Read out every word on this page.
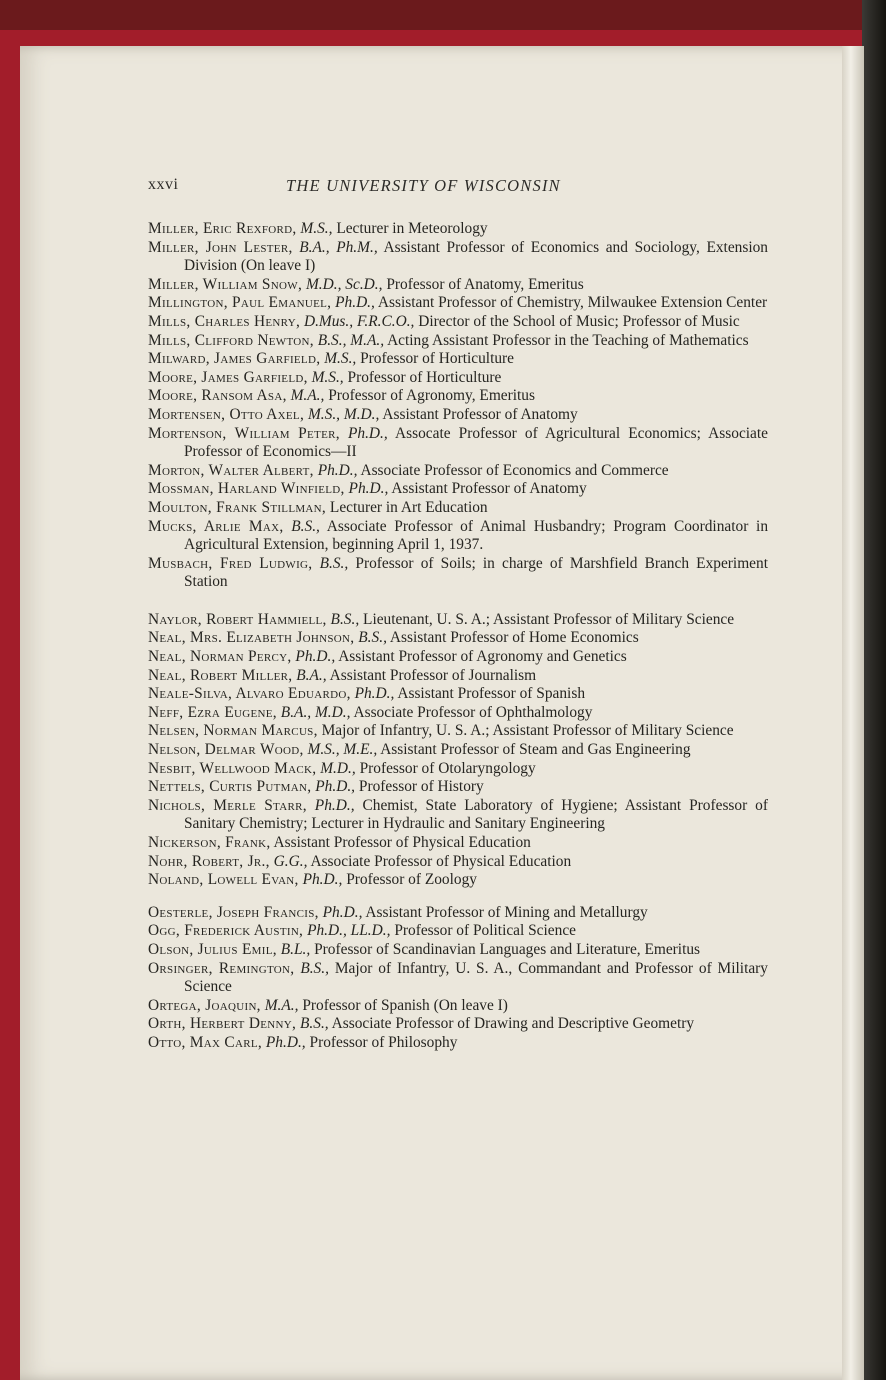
xxvi	THE UNIVERSITY OF WISCONSIN
Miller, Eric Rexford, M.S., Lecturer in Meteorology
Miller, John Lester, B.A., Ph.M., Assistant Professor of Economics and Sociology, Extension Division (On leave I)
Miller, William Snow, M.D., Sc.D., Professor of Anatomy, Emeritus
Millington, Paul Emanuel, Ph.D., Assistant Professor of Chemistry, Milwaukee Extension Center
Mills, Charles Henry, D.Mus., F.R.C.O., Director of the School of Music; Professor of Music
Mills, Clifford Newton, B.S., M.A., Acting Assistant Professor in the Teaching of Mathematics
Milward, James Garfield, M.S., Professor of Horticulture
Moore, James Garfield, M.S., Professor of Horticulture
Moore, Ransom Asa, M.A., Professor of Agronomy, Emeritus
Mortensen, Otto Axel, M.S., M.D., Assistant Professor of Anatomy
Mortenson, William Peter, Ph.D., Assocate Professor of Agricultural Economics; Associate Professor of Economics—II
Morton, Walter Albert, Ph.D., Associate Professor of Economics and Commerce
Mossman, Harland Winfield, Ph.D., Assistant Professor of Anatomy
Moulton, Frank Stillman, Lecturer in Art Education
Mucks, Arlie Max, B.S., Associate Professor of Animal Husbandry; Program Coordinator in Agricultural Extension, beginning April 1, 1937.
Musbach, Fred Ludwig, B.S., Professor of Soils; in charge of Marshfield Branch Experiment Station
Naylor, Robert Hammiell, B.S., Lieutenant, U. S. A.; Assistant Professor of Military Science
Neal, Mrs. Elizabeth Johnson, B.S., Assistant Professor of Home Economics
Neal, Norman Percy, Ph.D., Assistant Professor of Agronomy and Genetics
Neal, Robert Miller, B.A., Assistant Professor of Journalism
Neale-Silva, Alvaro Eduardo, Ph.D., Assistant Professor of Spanish
Neff, Ezra Eugene, B.A., M.D., Associate Professor of Ophthalmology
Nelsen, Norman Marcus, Major of Infantry, U. S. A.; Assistant Professor of Military Science
Nelson, Delmar Wood, M.S., M.E., Assistant Professor of Steam and Gas Engineering
Nesbit, Wellwood Mack, M.D., Professor of Otolaryngology
Nettels, Curtis Putman, Ph.D., Professor of History
Nichols, Merle Starr, Ph.D., Chemist, State Laboratory of Hygiene; Assistant Professor of Sanitary Chemistry; Lecturer in Hydraulic and Sanitary Engineering
Nickerson, Frank, Assistant Professor of Physical Education
Nohr, Robert, Jr., G.G., Associate Professor of Physical Education
Noland, Lowell Evan, Ph.D., Professor of Zoology
Oesterle, Joseph Francis, Ph.D., Assistant Professor of Mining and Metallurgy
Ogg, Frederick Austin, Ph.D., LL.D., Professor of Political Science
Olson, Julius Emil, B.L., Professor of Scandinavian Languages and Literature, Emeritus
Orsinger, Remington, B.S., Major of Infantry, U. S. A., Commandant and Professor of Military Science
Ortega, Joaquin, M.A., Professor of Spanish (On leave I)
Orth, Herbert Denny, B.S., Associate Professor of Drawing and Descriptive Geometry
Otto, Max Carl, Ph.D., Professor of Philosophy
